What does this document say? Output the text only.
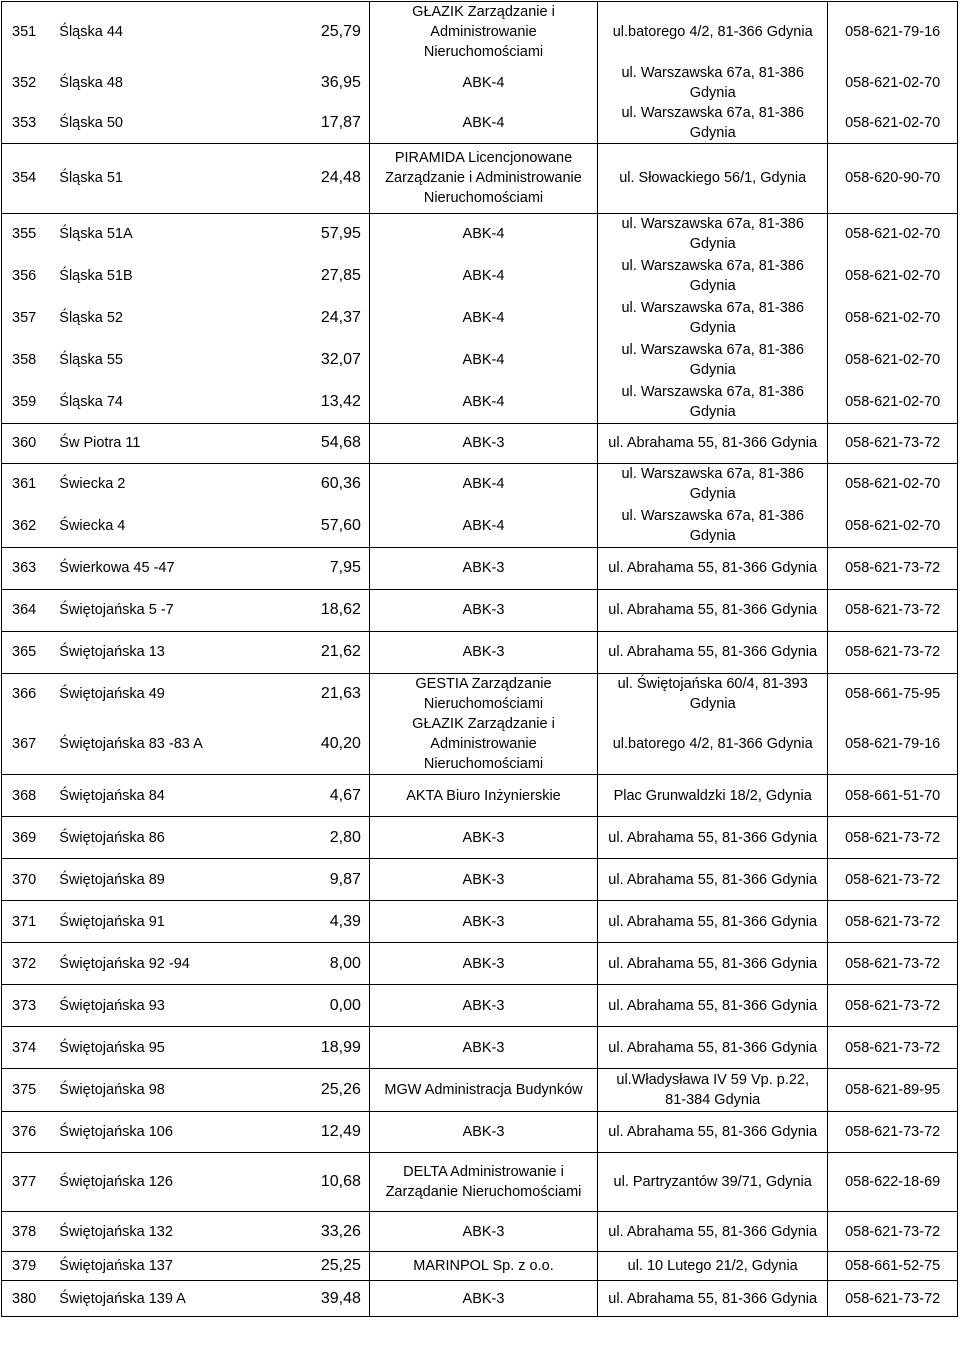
351	Śląska 44	25,79	GŁAZIK Zarządzanie i
Administrowanie
Nieruchomościami	ul.batorego 4/2, 81-366 Gdynia	058-621-79-16
352	Śląska 48	36,95	ABK-4	ul. Warszawska 67a, 81-386
Gdynia	058-621-02-70
353	Śląska 50	17,87	ABK-4	ul. Warszawska 67a, 81-386
Gdynia	058-621-02-70
354	Śląska 51	24,48	PIRAMIDA Licencjonowane
Zarządzanie i Administrowanie
Nieruchomościami	ul. Słowackiego 56/1, Gdynia	058-620-90-70
355	Śląska 51A	57,95	ABK-4	ul. Warszawska 67a, 81-386
Gdynia	058-621-02-70
356	Śląska 51B	27,85	ABK-4	ul. Warszawska 67a, 81-386
Gdynia	058-621-02-70
357	Śląska 52	24,37	ABK-4	ul. Warszawska 67a, 81-386
Gdynia	058-621-02-70
358	Śląska 55	32,07	ABK-4	ul. Warszawska 67a, 81-386
Gdynia	058-621-02-70
359	Śląska 74	13,42	ABK-4	ul. Warszawska 67a, 81-386
Gdynia	058-621-02-70
360	Św Piotra 11	54,68	ABK-3	ul. Abrahama 55, 81-366 Gdynia	058-621-73-72
361	Świecka 2	60,36	ABK-4	ul. Warszawska 67a, 81-386
Gdynia	058-621-02-70
362	Świecka 4	57,60	ABK-4	ul. Warszawska 67a, 81-386
Gdynia	058-621-02-70
363	Świerkowa 45 -47	7,95	ABK-3	ul. Abrahama 55, 81-366 Gdynia	058-621-73-72
364	Świętojańska 5 -7	18,62	ABK-3	ul. Abrahama 55, 81-366 Gdynia	058-621-73-72
365	Świętojańska 13	21,62	ABK-3	ul. Abrahama 55, 81-366 Gdynia	058-621-73-72
366	Świętojańska 49	21,63	GESTIA Zarządzanie
Nieruchomościami	ul. Świętojańska 60/4, 81-393
Gdynia	058-661-75-95
367	Świętojańska 83 -83 A	40,20	GŁAZIK Zarządzanie i
Administrowanie
Nieruchomościami	ul.batorego 4/2, 81-366 Gdynia	058-621-79-16
368	Świętojańska 84	4,67	AKTA Biuro Inżynierskie	Plac Grunwaldzki 18/2, Gdynia	058-661-51-70
369	Świętojańska 86	2,80	ABK-3	ul. Abrahama 55, 81-366 Gdynia	058-621-73-72
370	Świętojańska 89	9,87	ABK-3	ul. Abrahama 55, 81-366 Gdynia	058-621-73-72
371	Świętojańska 91	4,39	ABK-3	ul. Abrahama 55, 81-366 Gdynia	058-621-73-72
372	Świętojańska 92 -94	8,00	ABK-3	ul. Abrahama 55, 81-366 Gdynia	058-621-73-72
373	Świętojańska 93	0,00	ABK-3	ul. Abrahama 55, 81-366 Gdynia	058-621-73-72
374	Świętojańska 95	18,99	ABK-3	ul. Abrahama 55, 81-366 Gdynia	058-621-73-72
375	Świętojańska 98	25,26	MGW Administracja Budynków	ul.Władysława IV 59 Vp. p.22,
81-384 Gdynia	058-621-89-95
376	Świętojańska 106	12,49	ABK-3	ul. Abrahama 55, 81-366 Gdynia	058-621-73-72
377	Świętojańska 126	10,68	DELTA Administrowanie i
Zarządanie Nieruchomościami	ul. Partryzantów 39/71, Gdynia	058-622-18-69
378	Świętojańska 132	33,26	ABK-3	ul. Abrahama 55, 81-366 Gdynia	058-621-73-72
379	Świętojańska 137	25,25	MARINPOL Sp. z o.o.	ul. 10 Lutego 21/2, Gdynia	058-661-52-75
380	Świętojańska 139 A	39,48	ABK-3	ul. Abrahama 55, 81-366 Gdynia	058-621-73-72
